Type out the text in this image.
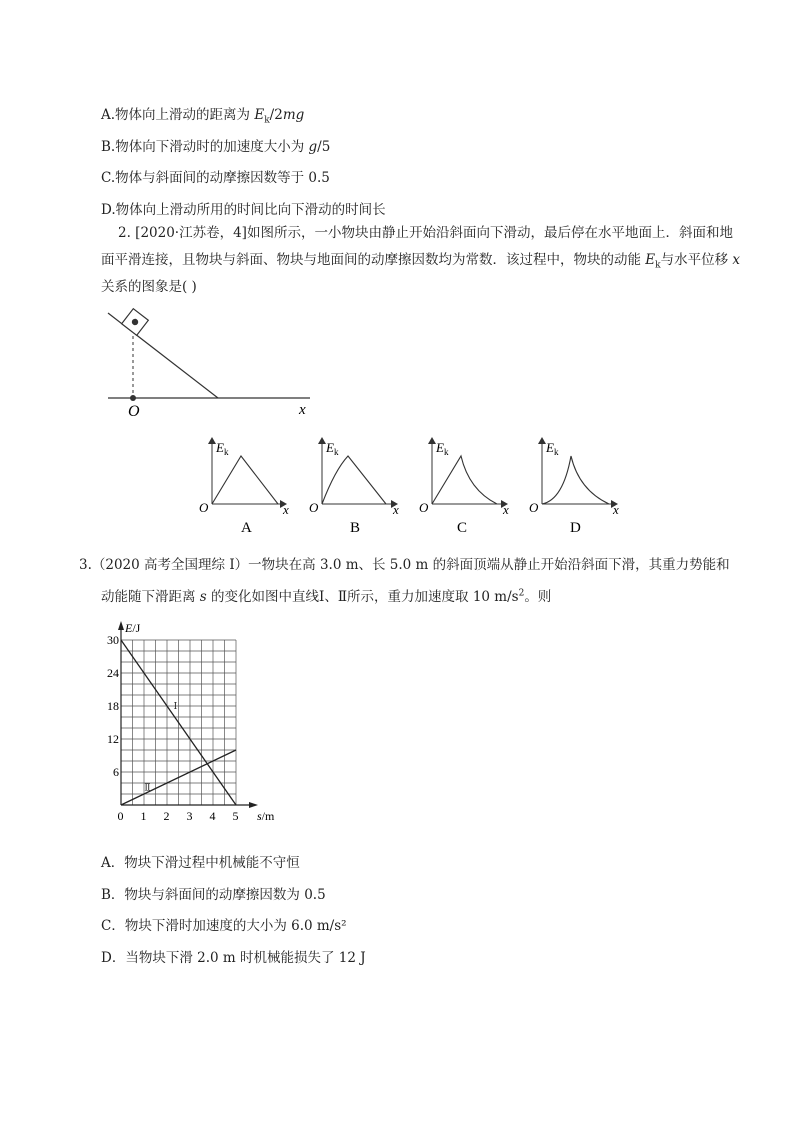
A.物体向上滑动的距离为 $E_k/2mg$
B.物体向下滑动时的加速度大小为 g/5
C.物体与斜面间的动摩擦因数等于 0.5
D.物体向上滑动所用的时间比向下滑动的时间长
2. [2020·江苏卷，4]如图所示，一小物块由静止开始沿斜面向下滑动，最后停在水平地面上．斜面和地
面平滑连接，且物块与斜面、物块与地面间的动摩擦因数均为常数．该过程中，物块的动能 $E_k$与水平位移 x
关系的图象是( )
O	x
$E_k$
O	x
A
$E_k$
O	x
B
$E_k$
O	x
C
$E_k$
O	x
D
3.（2020 高考全国理综 I）一物块在高 3.0 m、长 5.0 m 的斜面顶端从静止开始沿斜面下滑，其重力势能和
动能随下滑距离 s 的变化如图中直线Ⅰ、Ⅱ所示，重力加速度取 10 $m/s^2$。则
0 1 2 3 4 5
30
24
18
12
6
Ⅰ
Ⅱ
E/J
s/m
A．物块下滑过程中机械能不守恒
B．物块与斜面间的动摩擦因数为 0.5
C．物块下滑时加速度的大小为 6.0 m/s²
D．当物块下滑 2.0 m 时机械能损失了 12 J
